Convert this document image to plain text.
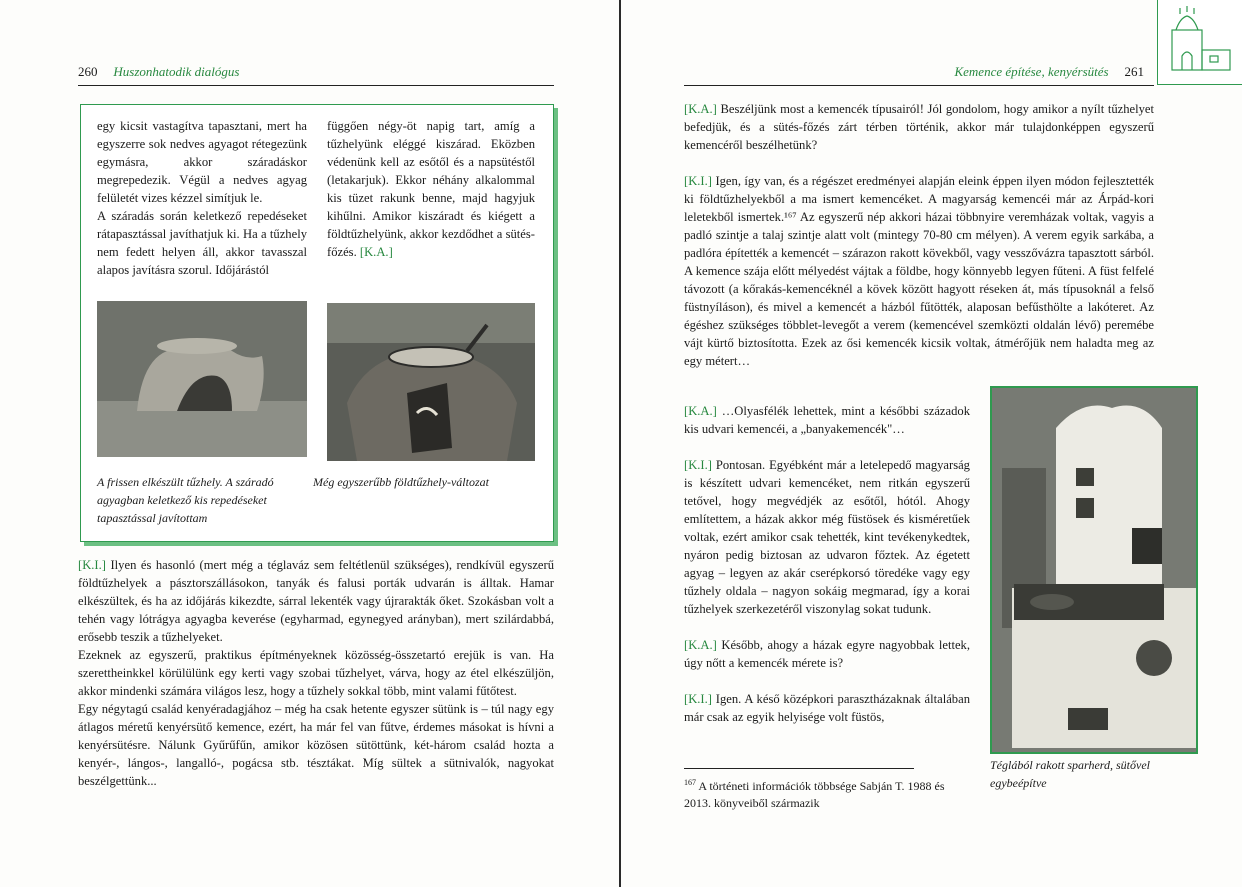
260 Huszonhatodik dialógus
egy kicsit vastagítva tapasztani, mert ha egyszerre sok nedves agyagot rétegezünk egymásra, akkor száradáskor megrepedezik. Végül a nedves agyag felületét vizes kézzel simítjuk le.
A száradás során keletkező repedéseket rátapasztással javíthatjuk ki. Ha a tűzhely nem fedett helyen áll, akkor tavasszal alapos javításra szorul. Időjárástól
függően négy-öt napig tart, amíg a tűzhelyünk eléggé kiszárad. Eközben védenünk kell az esőtől és a napsütéstől (letakarjuk). Ekkor néhány alkalommal kis tüzet rakunk benne, majd hagyjuk kihűlni. Amikor kiszáradt és kiégett a földtűzhelyünk, akkor kezdődhet a sütés-főzés. [K.A.]
A frissen elkészült tűzhely. A száradó agyagban keletkező kis repedéseket tapasztással javítottam
Még egyszerűbb földtűzhely-változat

[K.I.] Ilyen és hasonló (mert még a téglaváz sem feltétlenül szükséges), rendkívül egyszerű földtűzhelyek a pásztorszállásokon, tanyák és falusi porták udvarán is álltak. Hamar elkészültek, és ha az időjárás kikezdte, sárral lekenték vagy újrarakták őket. Szokásban volt a tehén vagy lótrágya agyagba keverése (egyharmad, egynegyed arányban), mert szilárdabbá, erősebb teszik a tűzhelyeket.

Ezeknek az egyszerű, praktikus építményeknek közösség-összetartó erejük is van. Ha szerettheinkkel körülülünk egy kerti vagy szobai tűzhelyet, várva, hogy az étel elkészüljön, akkor mindenki számára világos lesz, hogy a tűzhely sokkal több, mint valami fűtőtest.

Egy négytagú család kenyéradagjához – még ha csak hetente egyszer sütünk is – túl nagy egy átlagos méretű kenyérsütő kemence, ezért, ha már fel van fűtve, érdemes másokat is hívni a kenyérsütésre. Nálunk Gyűrűfűn, amikor közösen sütöttünk, két-három család hozta a kenyér-, lángos-, langalló-, pogácsa stb. tésztákat. Míg sültek a sütnivalók, nagyokat beszélgettünk...

Kemence építése, kenyérsütés 261

[K.A.] Beszéljünk most a kemencék típusairól! Jól gondolom, hogy amikor a nyílt tűzhelyet befedjük, és a sütés-főzés zárt térben történik, akkor már tulajdonképpen egyszerű kemencéről beszélhetünk?

[K.I.] Igen, így van, és a régészet eredményei alapján eleink éppen ilyen módon fejlesztették ki földtűzhelyekből a ma ismert kemencéket. A magyarság kemencéi már az Árpád-kori leletekből ismertek.¹⁶⁷ Az egyszerű nép akkori házai többnyire veremházak voltak, vagyis a padló szintje a talaj szintje alatt volt (mintegy 70-80 cm mélyen). A verem egyik sarkába, a padlóra építették a kemencét – szárazon rakott kövekből, vagy vesszővázra tapasztott sárból. A kemence szája előtt mélyedést vájtak a földbe, hogy könnyebb legyen fűteni. A füst felfelé távozott (a kőrakás-kemencéknél a kövek között hagyott réseken át, más típusoknál a felső füstnyíláson), és mivel a kemencét a házból fűtötték, alaposan befűsthölte a lakóteret. Az égéshez szükséges többlet-levegőt a verem (kemencével szemközti oldalán lévő) peremébe vájt kürtő biztosította. Ezek az ősi kemencék kicsik voltak, átmérőjük nem haladta meg az egy métert…

[K.A.] …Olyasfélék lehettek, mint a későbbi századok kis udvari kemencéi, a „banyakemencék"…

[K.I.] Pontosan. Egyébként már a letelepedő magyarság is készített udvari kemencéket, nem ritkán egyszerű tetővel, hogy megvédjék az esőtől, hótól. Ahogy említettem, a házak akkor még füstösek és kisméretűek voltak, ezért amikor csak tehették, kint tevékenykedtek, nyáron pedig biztosan az udvaron főztek. Az égetett agyag – legyen az akár cserépkorsó töredéke vagy egy tűzhely oldala – nagyon sokáig megmarad, így a korai tűzhelyek szerkezetéről viszonylag sokat tudunk.

[K.A.] Később, ahogy a házak egyre nagyobbak lettek, úgy nőtt a kemencék mérete is?

[K.I.] Igen. A késő középkori parasztházaknak általában már csak az egyik helyisége volt füstös,

Téglából rakott sparherd, sütővel egybeépítve
$^{167}$ A történeti információk többsége Sabján T. 1988 és 2013. könyveiből származik
